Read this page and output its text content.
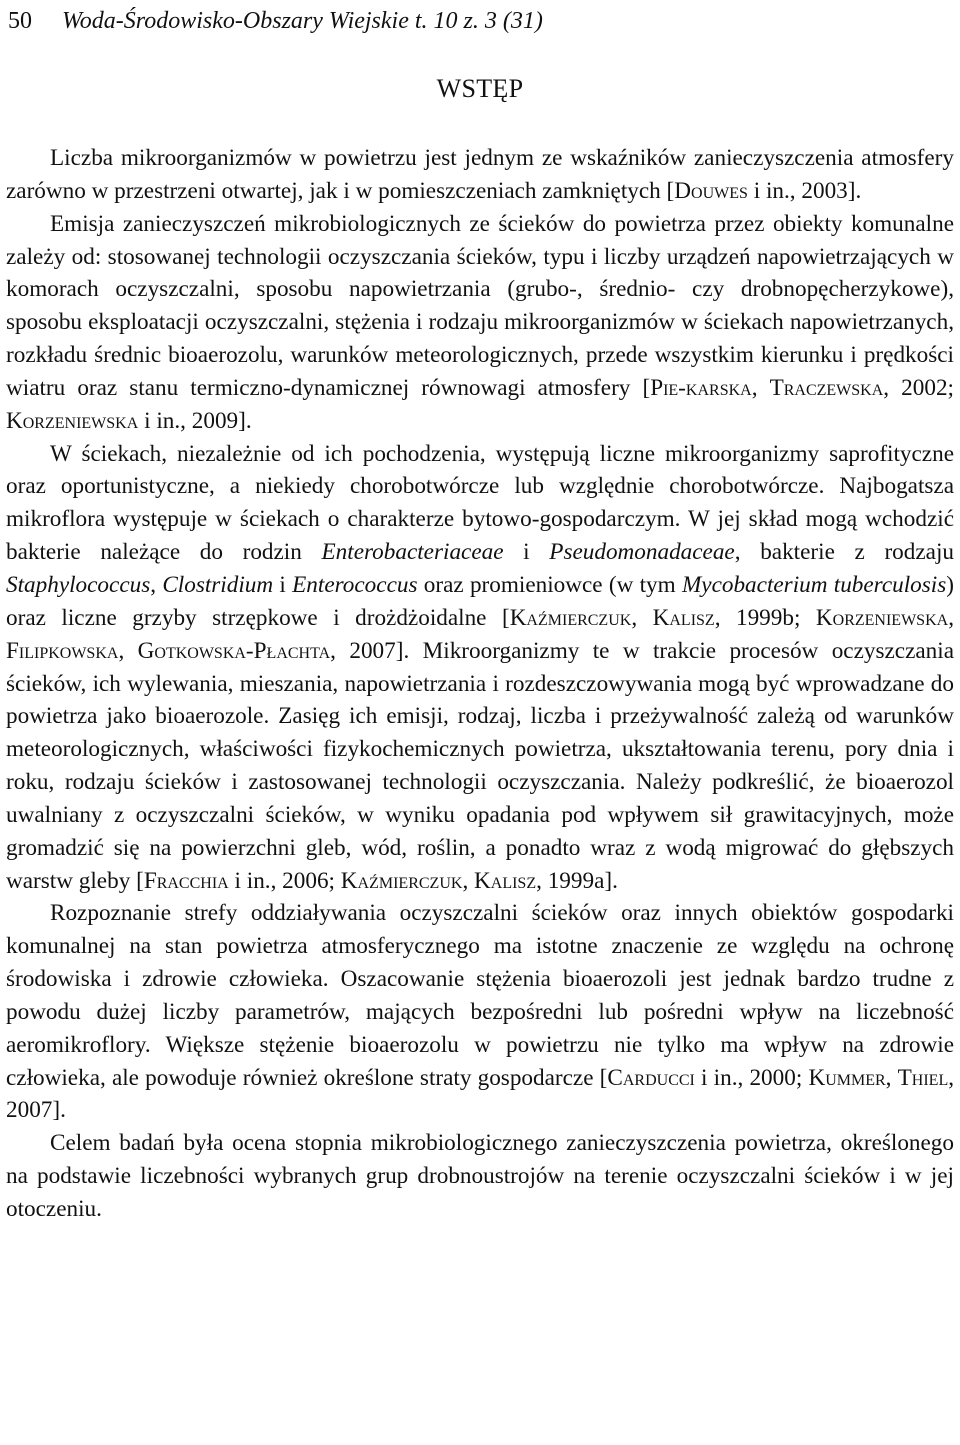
50 Woda-Środowisko-Obszary Wiejskie t. 10 z. 3 (31)
WSTĘP

Liczba mikroorganizmów w powietrzu jest jednym ze wskaźników zanieczyszczenia atmosfery zarówno w przestrzeni otwartej, jak i w pomieszczeniach zamkniętych [Douwes i in., 2003].

Emisja zanieczyszczeń mikrobiologicznych ze ścieków do powietrza przez obiekty komunalne zależy od: stosowanej technologii oczyszczania ścieków, typu i liczby urządzeń napowietrzających w komorach oczyszczalni, sposobu napowietrzania (grubo-, średnio- czy drobnopęcherzykowe), sposobu eksploatacji oczyszczalni, stężenia i rodzaju mikroorganizmów w ściekach napowietrzanych, rozkładu średnic bioaerozolu, warunków meteorologicznych, przede wszystkim kierunku i prędkości wiatru oraz stanu termiczno-dynamicznej równowagi atmosfery [Pie-karska, Traczewska, 2002; Korzeniewska i in., 2009].

W ściekach, niezależnie od ich pochodzenia, występują liczne mikroorganizmy saprofityczne oraz oportunistyczne, a niekiedy chorobotwórcze lub względnie chorobotwórcze. Najbogatsza mikroflora występuje w ściekach o charakterze bytowo-gospodarczym. W jej skład mogą wchodzić bakterie należące do rodzin Enterobacteriaceae i Pseudomonadaceae, bakterie z rodzaju Staphylococcus, Clostridium i Enterococcus oraz promieniowce (w tym Mycobacterium tuberculosis) oraz liczne grzyby strzępkowe i drożdżoidalne [Kaźmierczuk, Kalisz, 1999b; Korzeniewska, Filipkowska, Gotkowska-Płachta, 2007]. Mikroorganizmy te w trakcie procesów oczyszczania ścieków, ich wylewania, mieszania, napowietrzania i rozdeszczowywania mogą być wprowadzane do powietrza jako bioaerozole. Zasięg ich emisji, rodzaj, liczba i przeżywalność zależą od warunków meteorologicznych, właściwości fizykochemicznych powietrza, ukształtowania terenu, pory dnia i roku, rodzaju ścieków i zastosowanej technologii oczyszczania. Należy podkreślić, że bioaerozol uwalniany z oczyszczalni ścieków, w wyniku opadania pod wpływem sił grawitacyjnych, może gromadzić się na powierzchni gleb, wód, roślin, a ponadto wraz z wodą migrować do głębszych warstw gleby [Fracchia i in., 2006; Kaźmierczuk, Kalisz, 1999a].

Rozpoznanie strefy oddziaływania oczyszczalni ścieków oraz innych obiektów gospodarki komunalnej na stan powietrza atmosferycznego ma istotne znaczenie ze względu na ochronę środowiska i zdrowie człowieka. Oszacowanie stężenia bioaerozoli jest jednak bardzo trudne z powodu dużej liczby parametrów, mających bezpośredni lub pośredni wpływ na liczebność aeromikroflory. Większe stężenie bioaerozolu w powietrzu nie tylko ma wpływ na zdrowie człowieka, ale powoduje również określone straty gospodarcze [Carducci i in., 2000; Kummer, Thiel, 2007].

Celem badań była ocena stopnia mikrobiologicznego zanieczyszczenia powietrza, określonego na podstawie liczebności wybranych grup drobnoustrojów na terenie oczyszczalni ścieków i w jej otoczeniu.
